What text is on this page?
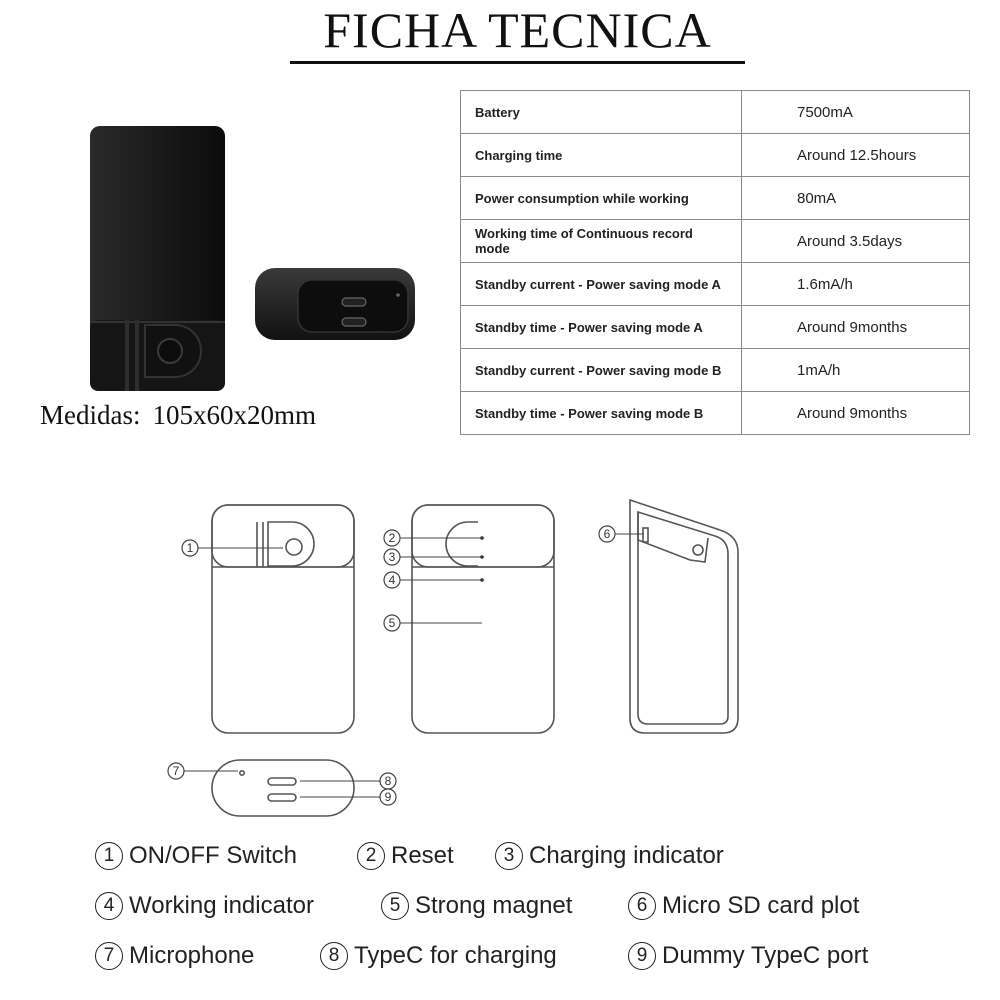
FICHA TECNICA
Medidas: 105x60x20mm
Battery	7500mA
Charging time	Around 12.5hours
Power consumption while working	80mA
Working time of Continuous record mode	Around 3.5days
Standby current - Power saving mode A	1.6mA/h
Standby time - Power saving mode A	Around 9months
Standby current - Power saving mode B	1mA/h
Standby time - Power saving mode B	Around 9months
1
2
3
4
5
6
7
8
9
1 ON/OFF Switch	2 Reset	3 Charging indicator
4 Working indicator	5 Strong magnet	6 Micro SD card plot
7 Microphone	8 TypeC for charging	9 Dummy TypeC port
